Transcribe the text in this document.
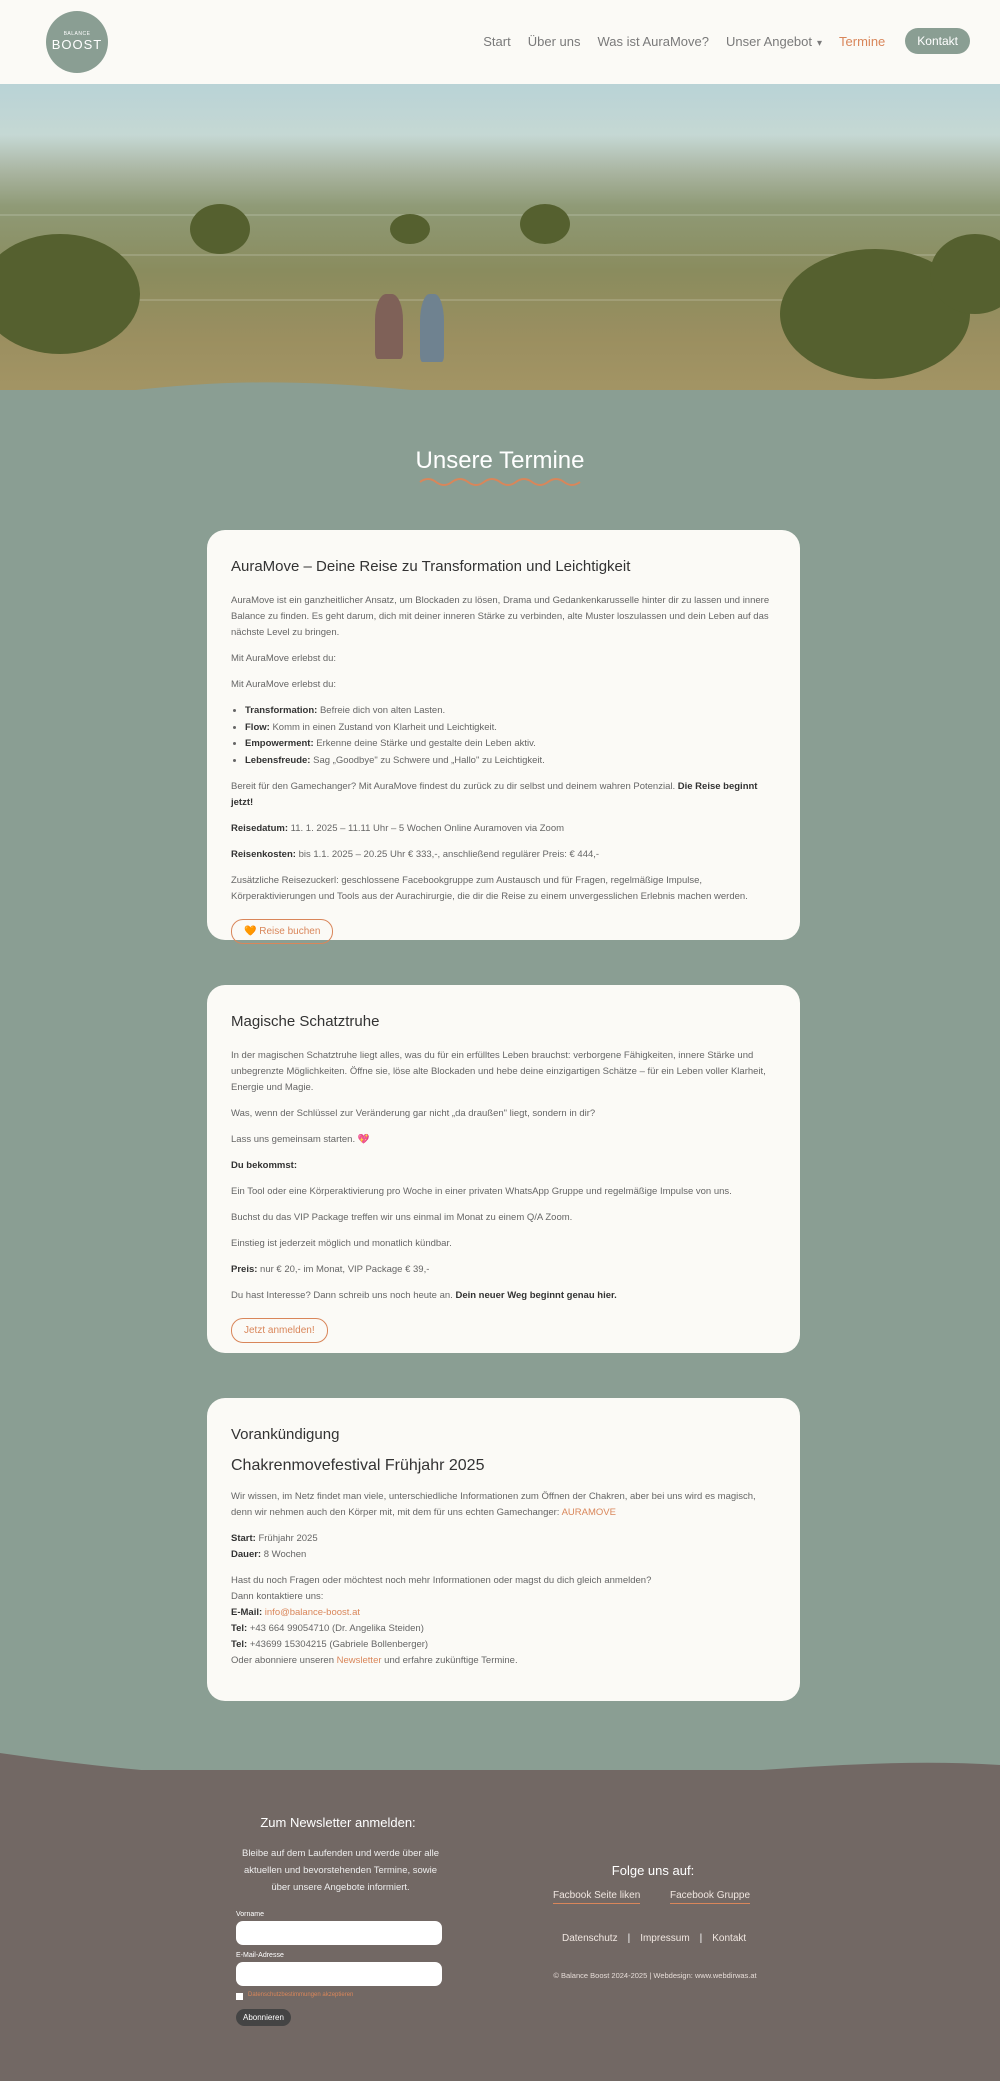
BALANCE
BOOST	Start Über uns Was ist AuraMove? Unser Angebot ▾ Termine	Kontakt
Unsere Termine
AuraMove – Deine Reise zu Transformation und Leichtigkeit

AuraMove ist ein ganzheitlicher Ansatz, um Blockaden zu lösen, Drama und Gedankenkarusselle hinter dir zu lassen und innere Balance zu finden. Es geht darum, dich mit deiner inneren Stärke zu verbinden, alte Muster loszulassen und dein Leben auf das nächste Level zu bringen.

Mit AuraMove erlebst du:

Mit AuraMove erlebst du:

• Transformation: Befreie dich von alten Lasten.
• Flow: Komm in einen Zustand von Klarheit und Leichtigkeit.
• Empowerment: Erkenne deine Stärke und gestalte dein Leben aktiv.
• Lebensfreude: Sag „Goodbye" zu Schwere und „Hallo" zu Leichtigkeit.

Bereit für den Gamechanger? Mit AuraMove findest du zurück zu dir selbst und deinem wahren Potenzial. Die Reise beginnt jetzt!

Reisedatum: 11. 1. 2025 – 11.11 Uhr – 5 Wochen Online Auramoven via Zoom

Reisenkosten: bis 1.1. 2025 – 20.25 Uhr € 333,-, anschließend regulärer Preis: € 444,-

Zusätzliche Reisezuckerl: geschlossene Facebookgruppe zum Austausch und für Fragen, regelmäßige Impulse, Körperaktivierungen und Tools aus der Aurachirurgie, die dir die Reise zu einem unvergesslichen Erlebnis machen werden.

🧡 Reise buchen
Magische Schatztruhe

In der magischen Schatztruhe liegt alles, was du für ein erfülltes Leben brauchst: verborgene Fähigkeiten, innere Stärke und unbegrenzte Möglichkeiten. Öffne sie, löse alte Blockaden und hebe deine einzigartigen Schätze – für ein Leben voller Klarheit, Energie und Magie.

Was, wenn der Schlüssel zur Veränderung gar nicht „da draußen" liegt, sondern in dir?

Lass uns gemeinsam starten. 💖

Du bekommst:

Ein Tool oder eine Körperaktivierung pro Woche in einer privaten WhatsApp Gruppe und regelmäßige Impulse von uns.

Buchst du das VIP Package treffen wir uns einmal im Monat zu einem Q/A Zoom.

Einstieg ist jederzeit möglich und monatlich kündbar.

Preis: nur € 20,- im Monat, VIP Package € 39,-

Du hast Interesse? Dann schreib uns noch heute an. Dein neuer Weg beginnt genau hier.

Jetzt anmelden!
Vorankündigung
Chakrenmovefestival Frühjahr 2025

Wir wissen, im Netz findet man viele, unterschiedliche Informationen zum Öffnen der Chakren, aber bei uns wird es magisch, denn wir nehmen auch den Körper mit, mit dem für uns echten Gamechanger: AURAMOVE

Start: Frühjahr 2025
Dauer: 8 Wochen

Hast du noch Fragen oder möchtest noch mehr Informationen oder magst du dich gleich anmelden?
Dann kontaktiere uns:
E-Mail: info@balance-boost.at
Tel: +43 664 99054710 (Dr. Angelika Steiden)
Tel: +43699 15304215 (Gabriele Bollenberger)
Oder abonniere unseren Newsletter und erfahre zukünftige Termine.

Zum Newsletter anmelden:
Bleibe auf dem Laufenden und werde über alle aktuellen und bevorstehenden Termine, sowie über unsere Angebote informiert.
Vorname
E-Mail-Adresse
Datenschutzbestimmungen akzeptieren
Abonnieren
Folge uns auf:
Facbook Seite liken	Facebook Gruppe
Datenschutz | Impressum | Kontakt
© Balance Boost 2024-2025 | Webdesign: www.webdirwas.at
